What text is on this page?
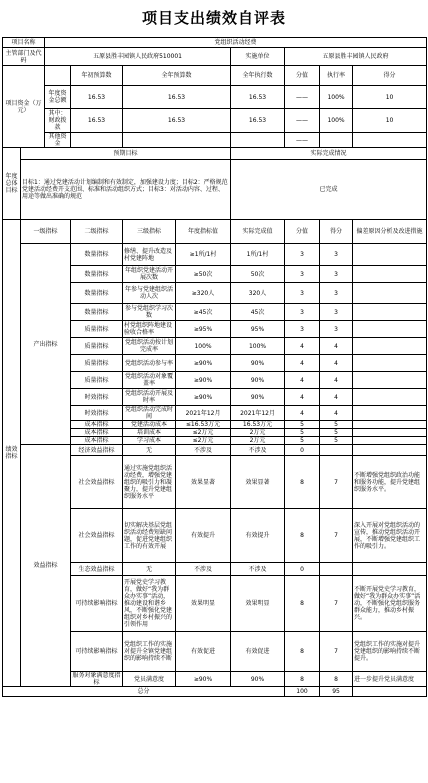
项目支出绩效自评表
项目名称		党组织活动经费							
主管部门及代码		五原县胜丰园镇人民政府510001				实施单位	五原县胜丰园镇人民政府		
项目资金（万元）			年初预算数	全年预算数		全年执行数	分值	执行率	得分
		年度资金总额	16.53	16.53		16.53	——	100%	10
		其中：财政拨款	16.53	16.53		16.53	——	100%	10
		其他资金					——		
年度总体目标	预期目标					实际完成情况			
	目标1：通过党建活动计划编制和有效制定，加强建设力度；目标2：严格规范党建活动经费开支范围、标准和活动组织方式；目标3：对活动内容、过程、用途等做出准确的规范					已完成			
绩效指标	一级指标		二级指标	三级指标	年度指标值	实际完成值	分值	得分	偏差原因分析及改进措施
	产出指标		数量指标	修缮、提升改造及村党建阵地	≥1所/1村	1所/1村	3	3	
			数量指标	年组织党建活动开展次数	≥50次	50次	3	3	
			数量指标	年参与党建组织活动人次	≥320人	320人	3	3	
			数量指标	参与党组织学习次数	≥45次	45次	3	3	
			质量指标	村党组织阵地建设验收合格率	≥95%	95%	3	3	
			质量指标	党组织活动按计划完成率	100%	100%	4	4	
			质量指标	党组织活动参与率	≥90%	90%	4	4	
			质量指标	党组织活动对象覆盖率	≥90%	90%	4	4	
			时效指标	党组织活动开展及时率	≥90%	90%	4	4	
			时效指标	党组织活动完成时间	2021年12月	2021年12月	4	4	
			成本指标	党建活动成本	≤16.53万元	16.53万元	5	5	
			成本指标	培训成本	≤2万元	2万元	5	5	
			成本指标	学习成本	≤2万元	2万元	5	5	
	效益指标		经济效益指标	无	不涉及	不涉及	0		
			社会效益指标	通过实施党组织活动经费，增强党建组织的吸引力和凝聚力，提升党建组织服务水平	效果显著	效果显著	8	7	不断增强党组织政治功能和服务功能，提升党建组织服务水平。
			社会效益指标	切实解决基层党组织活动经费短缺问题，促进党建组织工作的有效开展	有效提升	有效提升	8	7	深入开展对党组织活动的宣传，推动党组织活动开展，不断增强党建组织工作的吸引力。
			生态效益指标	无	不涉及	不涉及	0		
			可持续影响指标	开展党史学习教育，做好“我为群众办实事”活动，推动建设和谐乡风，不断强化党建组织对乡村振兴的引领作用	效果明显	效果明显	8	7	不断开展党史学习教育，做好“我为群众办实事”活动，不断强化党组织服务群众能力，推动乡村振兴。
			可持续影响指标	党组织工作的实施对提升全镇党建组织的影响持续不断	有效促进	有效促进	8	7	党组织工作的实施对提升党建组织的影响持续不断提升。
			服务对象满意度指标	党员满意度	≥90%	90%	8	8	进一步提升党员满意度
总分							100	95	
